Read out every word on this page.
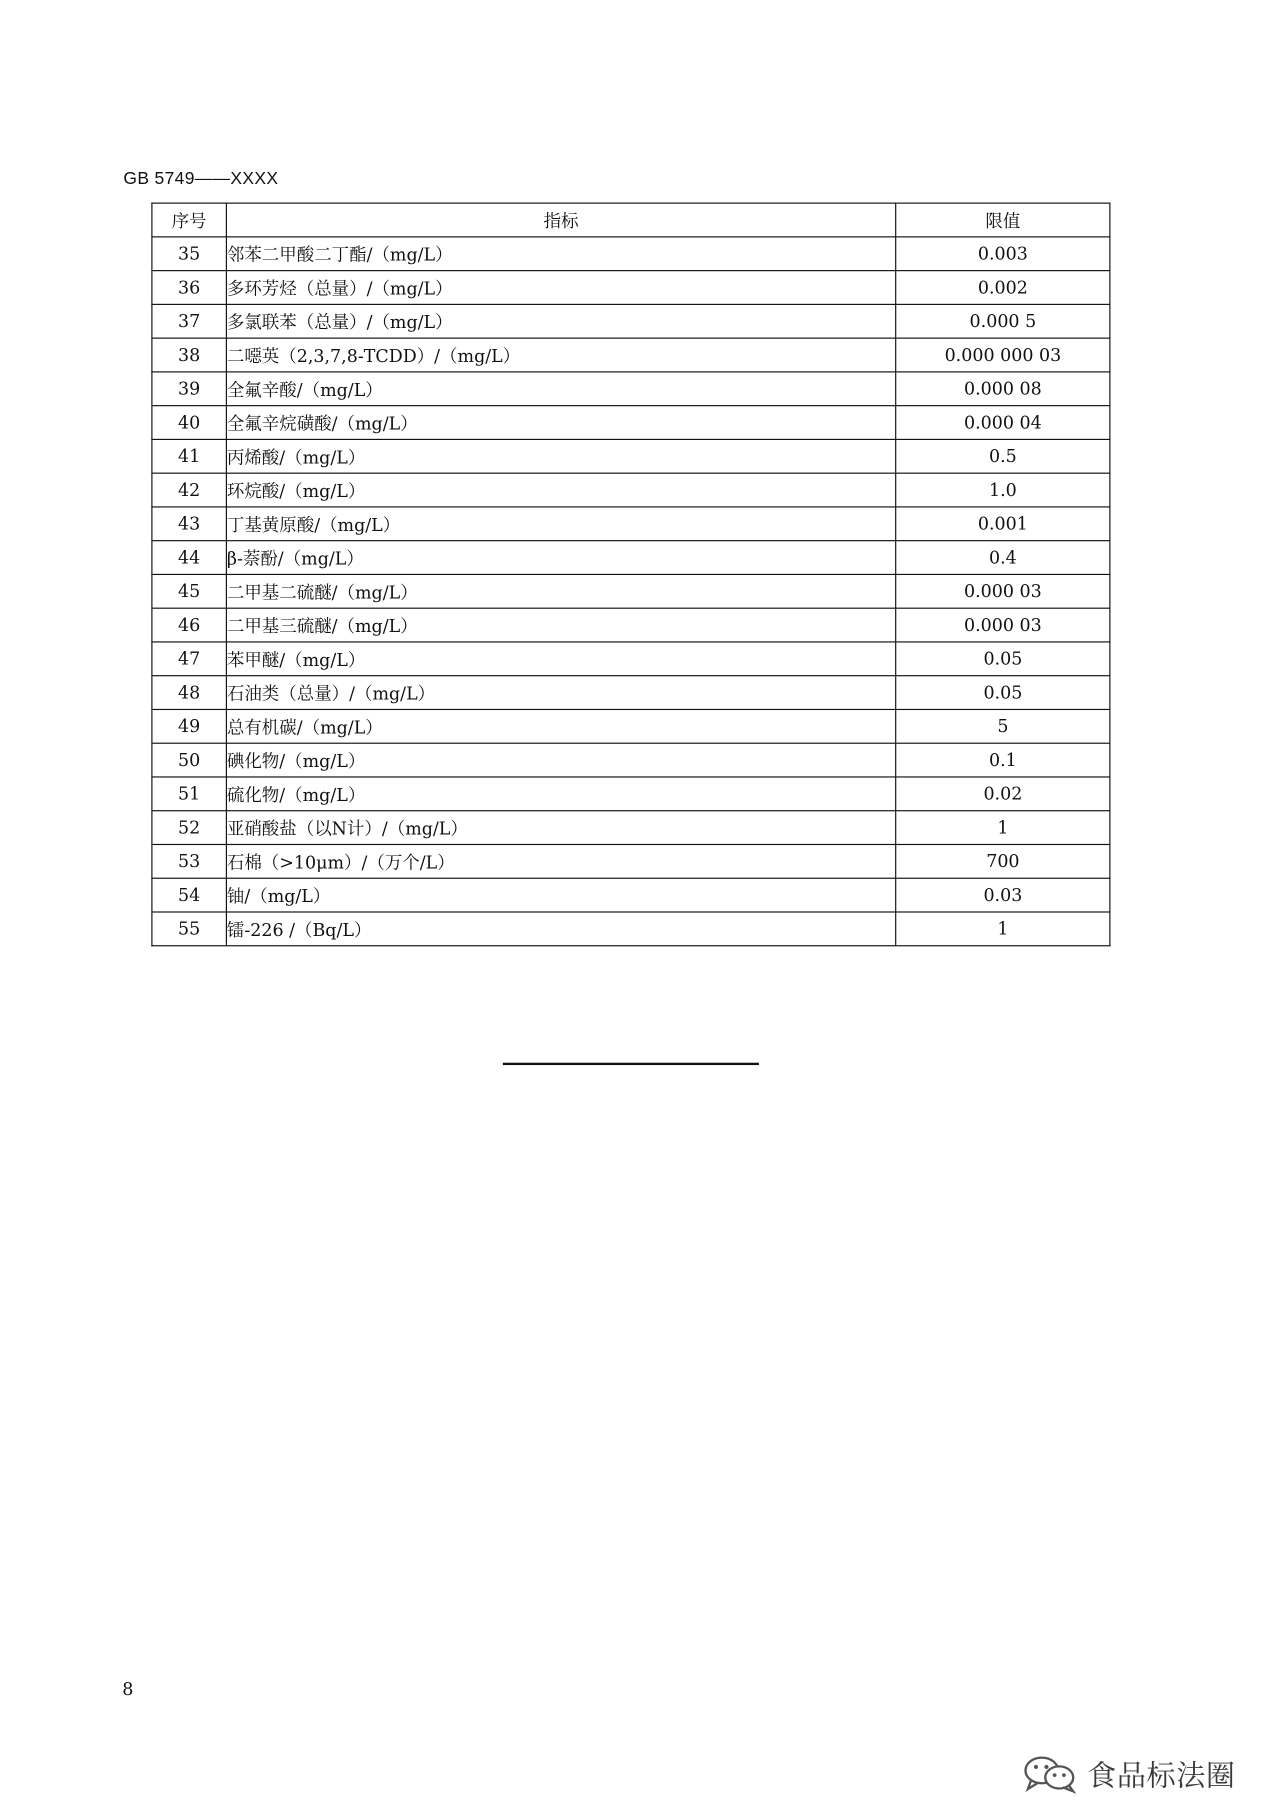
GB 5749——XXXX
序号	指标	限值
35	邻苯二甲酸二丁酯/（mg/L）	0.003
36	多环芳烃（总量）/（mg/L）	0.002
37	多氯联苯（总量）/（mg/L）	0.000 5
38	二噁英（2,3,7,8-TCDD）/（mg/L）	0.000 000 03
39	全氟辛酸/（mg/L）	0.000 08
40	全氟辛烷磺酸/（mg/L）	0.000 04
41	丙烯酸/（mg/L）	0.5
42	环烷酸/（mg/L）	1.0
43	丁基黄原酸/（mg/L）	0.001
44	β-萘酚/（mg/L）	0.4
45	二甲基二硫醚/（mg/L）	0.000 03
46	二甲基三硫醚/（mg/L）	0.000 03
47	苯甲醚/（mg/L）	0.05
48	石油类（总量）/（mg/L）	0.05
49	总有机碳/（mg/L）	5
50	碘化物/（mg/L）	0.1
51	硫化物/（mg/L）	0.02
52	亚硝酸盐（以N计）/（mg/L）	1
53	石棉（>10μm）/（万个/L）	700
54	铀/（mg/L）	0.03
55	镭-226 /（Bq/L）	1
8
食品标法圈
